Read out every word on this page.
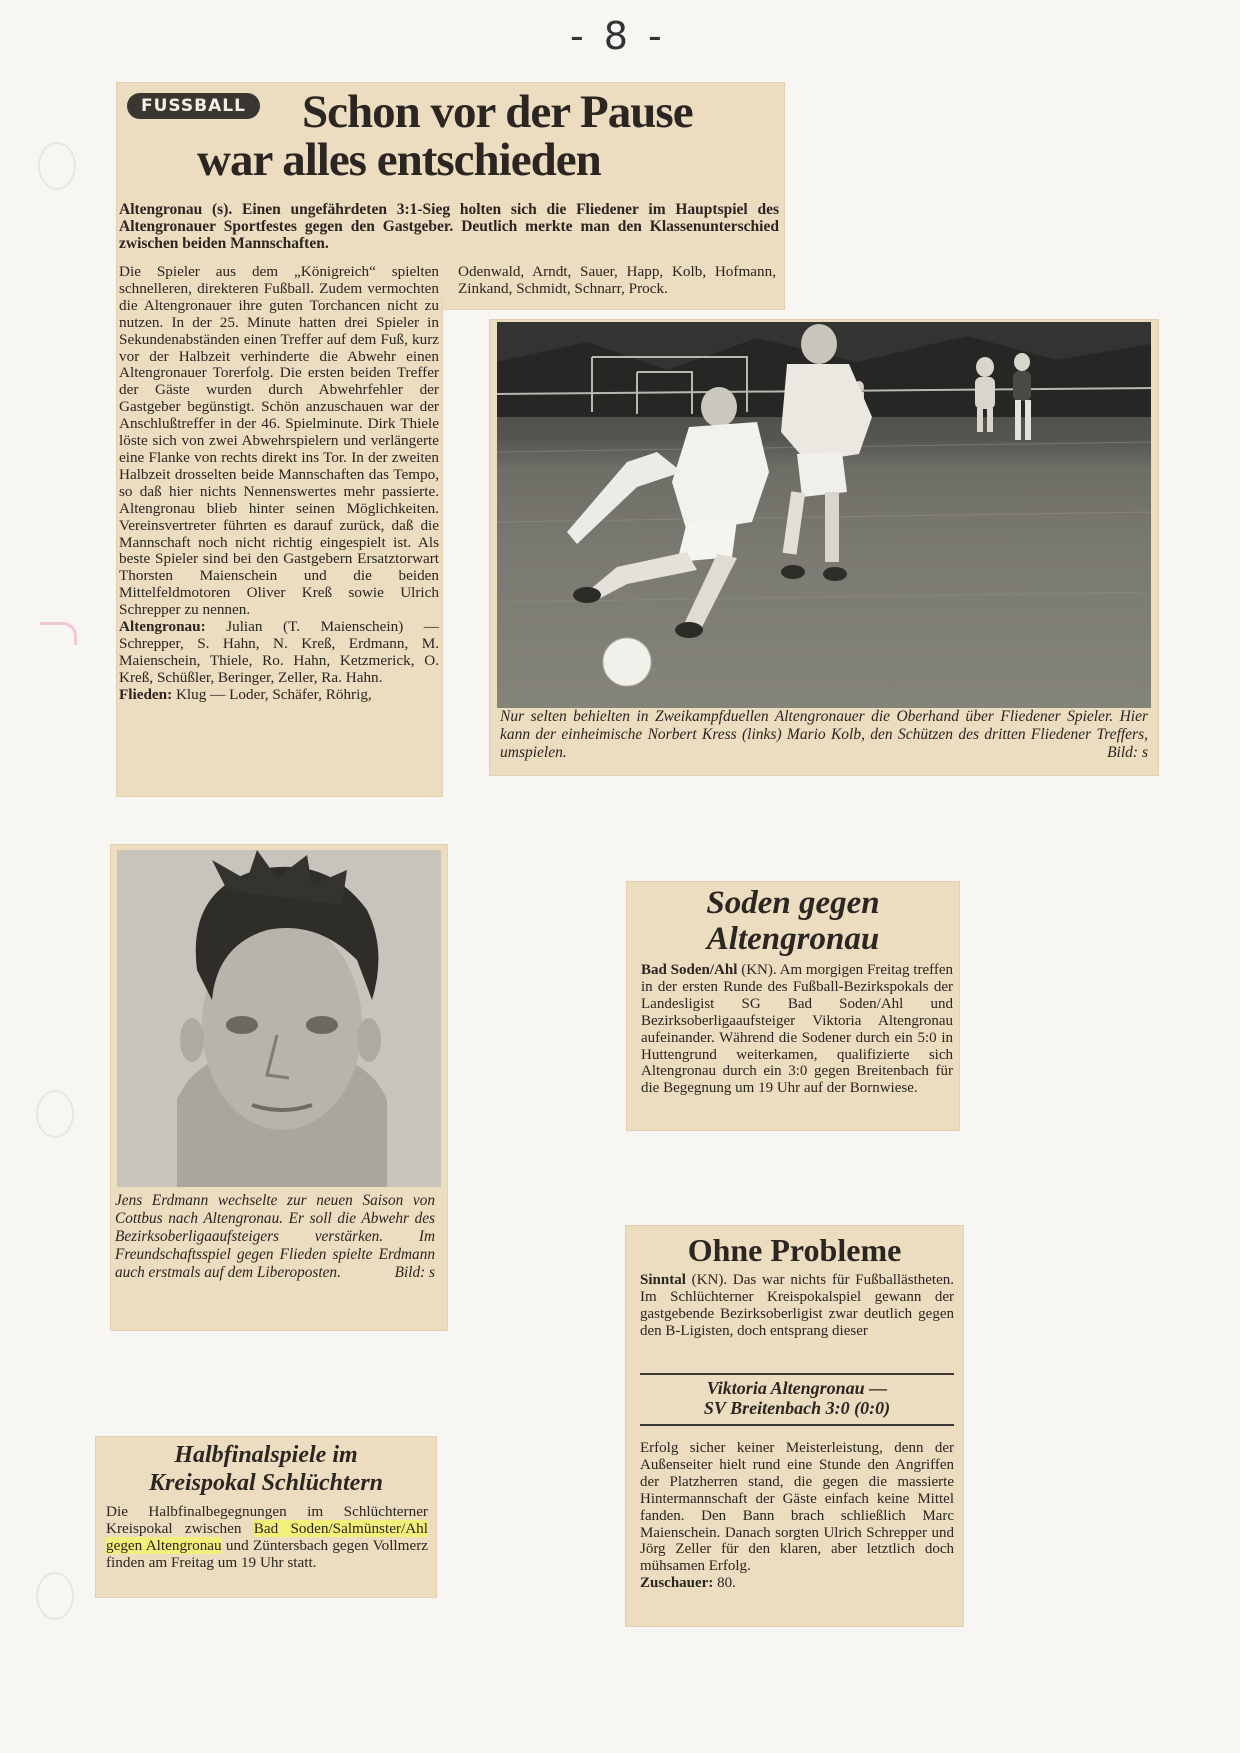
- 8 -
FUSSBALL Schon vor der Pause
war alles entschieden
Altengronau (s). Einen ungefährdeten 3:1-Sieg holten sich die Fliedener im Hauptspiel des Altengronauer Sportfestes gegen den Gastgeber. Deutlich merkte man den Klassenunterschied zwischen beiden Mannschaften.

Die Spieler aus dem „Königreich“ spielten schnelleren, direkteren Fußball. Zudem vermochten die Altengronauer ihre guten Torchancen nicht zu nutzen. In der 25. Minute hatten drei Spieler in Sekundenabständen einen Treffer auf dem Fuß, kurz vor der Halbzeit verhinderte die Abwehr einen Altengronauer Torerfolg. Die ersten beiden Treffer der Gäste wurden durch Abwehrfehler der Gastgeber begünstigt. Schön anzuschauen war der Anschlußtreffer in der 46. Spielminute. Dirk Thiele löste sich von zwei Abwehrspielern und verlängerte eine Flanke von rechts direkt ins Tor. In der zweiten Halbzeit drosselten beide Mannschaften das Tempo, so daß hier nichts Nennenswertes mehr passierte. Altengronau blieb hinter seinen Möglichkeiten. Vereinsvertreter führten es darauf zurück, daß die Mannschaft noch nicht richtig eingespielt ist. Als beste Spieler sind bei den Gastgebern Ersatztorwart Thorsten Maienschein und die beiden Mittelfeldmotoren Oliver Kreß sowie Ulrich Schrepper zu nennen.

Altengronau: Julian (T. Maienschein) — Schrepper, S. Hahn, N. Kreß, Erdmann, M. Maienschein, Thiele, Ro. Hahn, Ketzmerick, O. Kreß, Schüßler, Beringer, Zeller, Ra. Hahn.

Flieden: Klug — Loder, Schäfer, Röhrig,

Odenwald, Arndt, Sauer, Happ, Kolb, Hofmann, Zinkand, Schmidt, Schnarr, Prock.
Nur selten behielten in Zweikampfduellen Altengronauer die Oberhand über Fliedener Spieler. Hier kann der einheimische Norbert Kress (links) Mario Kolb, den Schützen des dritten Fliedener Treffers, umspielen.	Bild: s
Jens Erdmann wechselte zur neuen Saison von Cottbus nach Altengronau. Er soll die Abwehr des Bezirksoberligaaufsteigers verstärken. Im Freundschaftsspiel gegen Flieden spielte Erdmann auch erstmals auf dem Liberoposten.	Bild: s
Soden gegen
Altengronau
Bad Soden/Ahl (KN). Am morgigen Freitag treffen in der ersten Runde des Fußball-Bezirkspokals der Landesligist SG Bad Soden/Ahl und Bezirksoberligaaufsteiger Viktoria Altengronau aufeinander. Während die Sodener durch ein 5:0 in Huttengrund weiterkamen, qualifizierte sich Altengronau durch ein 3:0 gegen Breitenbach für die Begegnung um 19 Uhr auf der Bornwiese.
Halbfinalspiele im
Kreispokal Schlüchtern
Die Halbfinalbegegnungen im Schlüchterner Kreispokal zwischen Bad Soden/Salmünster/Ahl gegen Altengronau und Züntersbach gegen Vollmerz finden am Freitag um 19 Uhr statt.
Ohne Probleme
Sinntal (KN). Das war nichts für Fußballästheten. Im Schlüchterner Kreispokalspiel gewann der gastgebende Bezirksoberligist zwar deutlich gegen den B-Ligisten, doch entsprang dieser
Viktoria Altengronau —
SV Breitenbach 3:0 (0:0)
Erfolg sicher keiner Meisterleistung, denn der Außenseiter hielt rund eine Stunde den Angriffen der Platzherren stand, die gegen die massierte Hintermannschaft der Gäste einfach keine Mittel fanden. Den Bann brach schließlich Marc Maienschein. Danach sorgten Ulrich Schrepper und Jörg Zeller für den klaren, aber letztlich doch mühsamen Erfolg.
Zuschauer: 80.
